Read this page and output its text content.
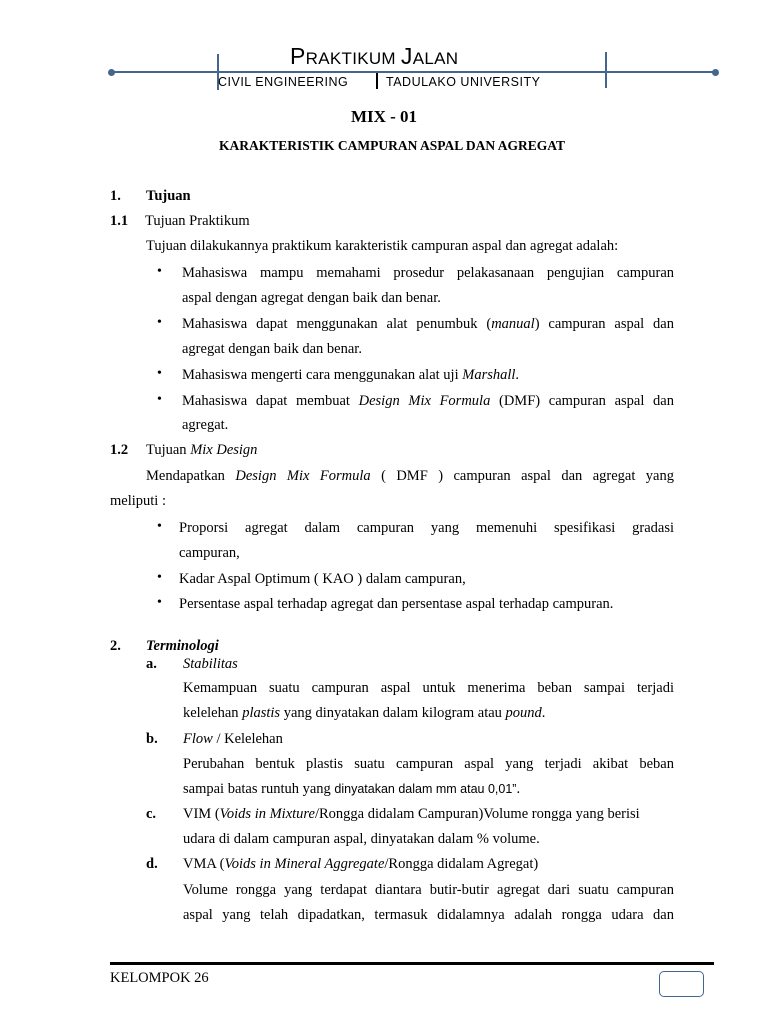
PRAKTIKUM JALAN
CIVIL ENGINEERING	TADULAKO UNIVERSITY
MIX - 01
KARAKTERISTIK CAMPURAN ASPAL DAN AGREGAT
1. Tujuan
1.1 Tujuan Praktikum
Tujuan dilakukannya praktikum karakteristik campuran aspal dan agregat adalah:
• Mahasiswa mampu memahami prosedur pelakasanaan pengujian campuran
aspal dengan agregat dengan baik dan benar.
• Mahasiswa dapat menggunakan alat penumbuk (manual) campuran aspal dan
agregat dengan baik dan benar.
• Mahasiswa mengerti cara menggunakan alat uji Marshall.
• Mahasiswa dapat membuat Design Mix Formula (DMF) campuran aspal dan
agregat.
1.2 Tujuan Mix Design
Mendapatkan Design Mix Formula ( DMF ) campuran aspal dan agregat yang
meliputi :
• Proporsi agregat dalam campuran yang memenuhi spesifikasi gradasi
campuran,
• Kadar Aspal Optimum ( KAO ) dalam campuran,
• Persentase aspal terhadap agregat dan persentase aspal terhadap campuran.
2. Terminologi
a. Stabilitas
Kemampuan suatu campuran aspal untuk menerima beban sampai terjadi
kelelehan plastis yang dinyatakan dalam kilogram atau pound.
b. Flow / Kelelehan
Perubahan bentuk plastis suatu campuran aspal yang terjadi akibat beban
sampai batas runtuh yang dinyatakan dalam mm atau 0,01”.
c. VIM (Voids in Mixture/Rongga didalam Campuran)Volume rongga yang berisi
udara di dalam campuran aspal, dinyatakan dalam % volume.
d. VMA (Voids in Mineral Aggregate/Rongga didalam Agregat)
Volume rongga yang terdapat diantara butir-butir agregat dari suatu campuran
aspal yang telah dipadatkan, termasuk didalamnya adalah rongga udara dan
KELOMPOK 26
